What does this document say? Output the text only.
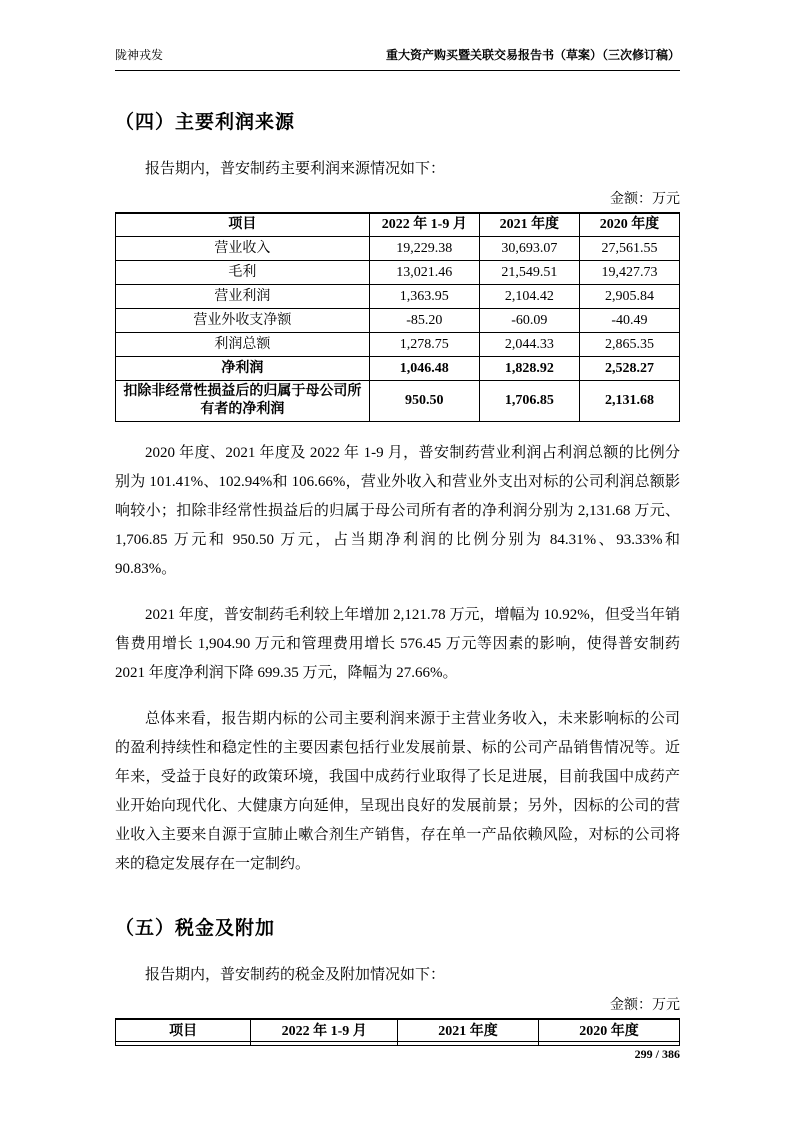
陇神戎发	重大资产购买暨关联交易报告书（草案）（三次修订稿）
（四）主要利润来源

报告期内，普安制药主要利润来源情况如下：

金额：万元
项目	2022 年 1-9 月	2021 年度	2020 年度
营业收入	19,229.38	30,693.07	27,561.55
毛利	13,021.46	21,549.51	19,427.73
营业利润	1,363.95	2,104.42	2,905.84
营业外收支净额	-85.20	-60.09	-40.49
利润总额	1,278.75	2,044.33	2,865.35
净利润	1,046.48	1,828.92	2,528.27
扣除非经常性损益后的归属于母公司所有者的净利润	950.50	1,706.85	2,131.68

2020 年度、2021 年度及 2022 年 1-9 月，普安制药营业利润占利润总额的比例分别为 101.41%、102.94%和 106.66%，营业外收入和营业外支出对标的公司利润总额影响较小；扣除非经常性损益后的归属于母公司所有者的净利润分别为 2,131.68 万元、1,706.85 万元和 950.50 万元，占当期净利润的比例分别为 84.31%、93.33%和 90.83%。

2021 年度，普安制药毛利较上年增加 2,121.78 万元，增幅为 10.92%，但受当年销售费用增长 1,904.90 万元和管理费用增长 576.45 万元等因素的影响，使得普安制药 2021 年度净利润下降 699.35 万元，降幅为 27.66%。

总体来看，报告期内标的公司主要利润来源于主营业务收入，未来影响标的公司的盈利持续性和稳定性的主要因素包括行业发展前景、标的公司产品销售情况等。近年来，受益于良好的政策环境，我国中成药行业取得了长足进展，目前我国中成药产业开始向现代化、大健康方向延伸，呈现出良好的发展前景；另外，因标的公司的营业收入主要来自源于宣肺止嗽合剂生产销售，存在单一产品依赖风险，对标的公司将来的稳定发展存在一定制约。

（五）税金及附加

报告期内，普安制药的税金及附加情况如下：

金额：万元
项目	2022 年 1-9 月	2021 年度	2020 年度
299 / 386
